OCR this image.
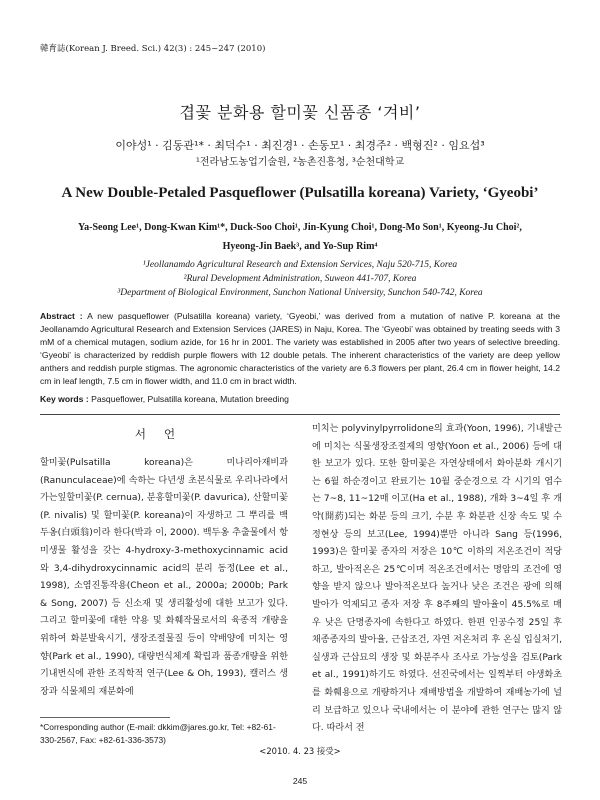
韓育誌(Korean J. Breed. Sci.) 42(3) : 245~247 (2010)
겹꽃 분화용 할미꽃 신품종 ‘겨비’
이야성¹ · 김동관¹* · 최덕수¹ · 최진경¹ · 손동모¹ · 최경주² · 백형진² · 임요섭³
¹전라남도농업기술원, ²농촌진흥청, ³순천대학교
A New Double-Petaled Pasqueflower (Pulsatilla koreana) Variety, ‘Gyeobi’
Ya-Seong Lee¹, Dong-Kwan Kim¹*, Duck-Soo Choi¹, Jin-Kyung Choi¹, Dong-Mo Son¹, Kyeong-Ju Choi²,
Hyeong-Jin Baek³, and Yo-Sup Rim⁴
¹Jeollanamdo Agricultural Research and Extension Services, Naju 520-715, Korea
²Rural Development Administration, Suweon 441-707, Korea
³Department of Biological Environment, Sunchon National University, Sunchon 540-742, Korea
Abstract : A new pasqueflower (Pulsatilla koreana) variety, ‘Gyeobi,’ was derived from a mutation of native P. koreana at the Jeollanamdo Agricultural Research and Extension Services (JARES) in Naju, Korea. The ‘Gyeobi’ was obtained by treating seeds with 3 mM of a chemical mutagen, sodium azide, for 16 hr in 2001. The variety was established in 2005 after two years of selective breeding. ‘Gyeobi’ is characterized by reddish purple flowers with 12 double petals. The inherent characteristics of the variety are deep yellow anthers and reddish purple stigmas. The agronomic characteristics of the variety are 6.3 flowers per plant, 26.4 cm in flower height, 14.2 cm in leaf length, 7.5 cm in flower width, and 11.0 cm in bract width.
Key words : Pasqueflower, Pulsatilla koreana, Mutation breeding
서언

할미꽃(Pulsatilla koreana)은 미나리아재비과(Ranunculaceae)에 속하는 다년생 초본식물로 우리나라에서 가는잎할미꽃(P. cernua), 분홍할미꽃(P. davurica), 산할미꽃(P. nivalis) 및 할미꽃(P. koreana)이 자생하고 그 뿌리를 백두옹(白頭翁)이라 한다(박과 이, 2000). 백두옹 추출물에서 항미생물 활성을 갖는 4-hydroxy-3-methoxycinnamic acid와 3,4-dihydroxycinnamic acid의 분리 동정(Lee et al., 1998), 소염진통작용(Cheon et al., 2000a; 2000b; Park & Song, 2007) 등 신소재 및 생리활성에 대한 보고가 있다. 그리고 할미꽃에 대한 약용 및 화훼작물로서의 육종적 개량을 위하여 화분발육시기, 생장조절물질 등이 약배양에 미치는 영향(Park et al., 1990), 대량번식체계 확립과 품종개량을 위한 기내번식에 관한 조직학적 연구(Lee & Oh, 1993), 캘러스 생장과 식물체의 재분화에

미치는 polyvinylpyrrolidone의 효과(Yoon, 1996), 기내발근에 미치는 식물생장조절제의 영향(Yoon et al., 2006) 등에 대한 보고가 있다. 또한 할미꽃은 자연상태에서 화아분화 개시기는 6월 하순경이고 완료기는 10월 중순경으로 각 시기의 엽수는 7~8, 11~12매 이고(Ha et al., 1988), 개화 3~4일 후 개약(開葯)되는 화분 등의 크기, 수분 후 화분관 신장 속도 및 수정현상 등의 보고(Lee, 1994)뿐만 아니라 Sang 등(1996, 1993)은 할미꽃 종자의 저장은 10℃ 이하의 저온조건이 적당하고, 발아적온은 25℃이며 적온조건에서는 명암의 조건에 영향을 받지 않으나 발아적온보다 높거나 낮은 조건은 광에 의해 발아가 억제되고 종자 저장 후 8주째의 발아율이 45.5%로 매우 낮은 단명종자에 속한다고 하였다. 한편 인공수정 25일 후 채종종자의 발아율, 근삽조건, 자연 저온처리 후 온실 입실처기, 실생과 근삽묘의 생장 및 화분주사 조사로 가능성을 검토(Park et al., 1991)하기도 하였다. 선진국에서는 일찍부터 야생화초를 화훼용으로 개량하거나 재배방법을 개발하여 재배농가에 널리 보급하고 있으나 국내에서는 이 분야에 관한 연구는 많지 않다. 따라서 전

*Corresponding author (E-mail: dkkim@jares.go.kr, Tel: +82-61-330-2567, Fax: +82-61-336-3573)
<2010. 4. 23 接受>
245
